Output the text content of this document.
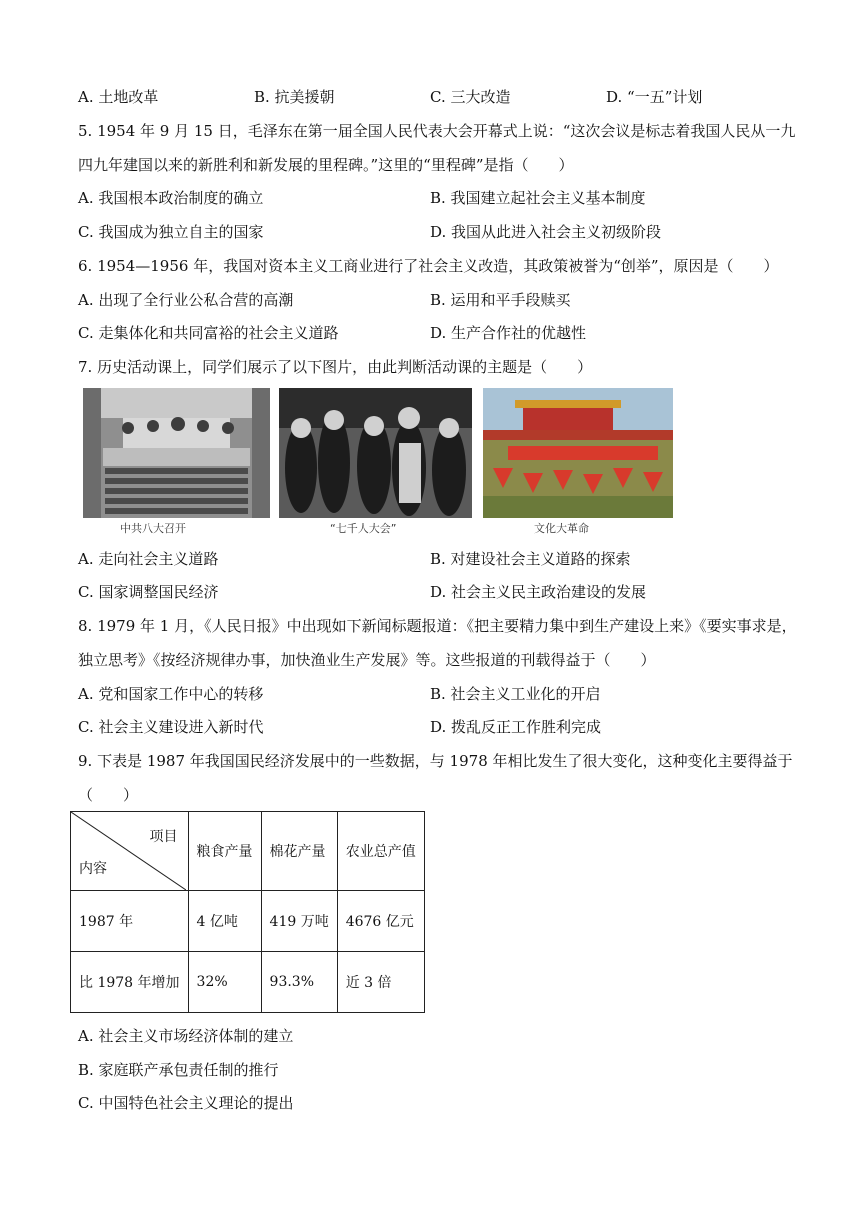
A. 土地改革	B. 抗美援朝	C. 三大改造	D. “一五”计划
5. 1954 年 9 月 15 日，毛泽东在第一届全国人民代表大会开幕式上说：“这次会议是标志着我国人民从一九
四九年建国以来的新胜利和新发展的里程碑。”这里的“里程碑”是指（　　）
A. 我国根本政治制度的确立	B. 我国建立起社会主义基本制度
C. 我国成为独立自主的国家	D. 我国从此进入社会主义初级阶段
6. 1954—1956 年，我国对资本主义工商业进行了社会主义改造，其政策被誉为“创举”，原因是（　　）
A. 出现了全行业公私合营的高潮	B. 运用和平手段赎买
C. 走集体化和共同富裕的社会主义道路	D. 生产合作社的优越性
7. 历史活动课上，同学们展示了以下图片，由此判断活动课的主题是（　　）
中共八大召开	“七千人大会”	文化大革命
A. 走向社会主义道路	B. 对建设社会主义道路的探索
C. 国家调整国民经济	D. 社会主义民主政治建设的发展
8. 1979 年 1 月，《人民日报》中出现如下新闻标题报道：《把主要精力集中到生产建设上来》《要实事求是，
独立思考》《按经济规律办事，加快渔业生产发展》等。这些报道的刊载得益于（　　）
A. 党和国家工作中心的转移	B. 社会主义工业化的开启
C. 社会主义建设进入新时代	D. 拨乱反正工作胜利完成
9. 下表是 1987 年我国国民经济发展中的一些数据，与 1978 年相比发生了很大变化，这种变化主要得益于
（　　）
项目
内容	粮食产量	棉花产量	农业总产值
1987 年	4 亿吨	419 万吨	4676 亿元
比 1978 年增加	32%	93.3%	近 3 倍
A. 社会主义市场经济体制的建立
B. 家庭联产承包责任制的推行
C. 中国特色社会主义理论的提出
